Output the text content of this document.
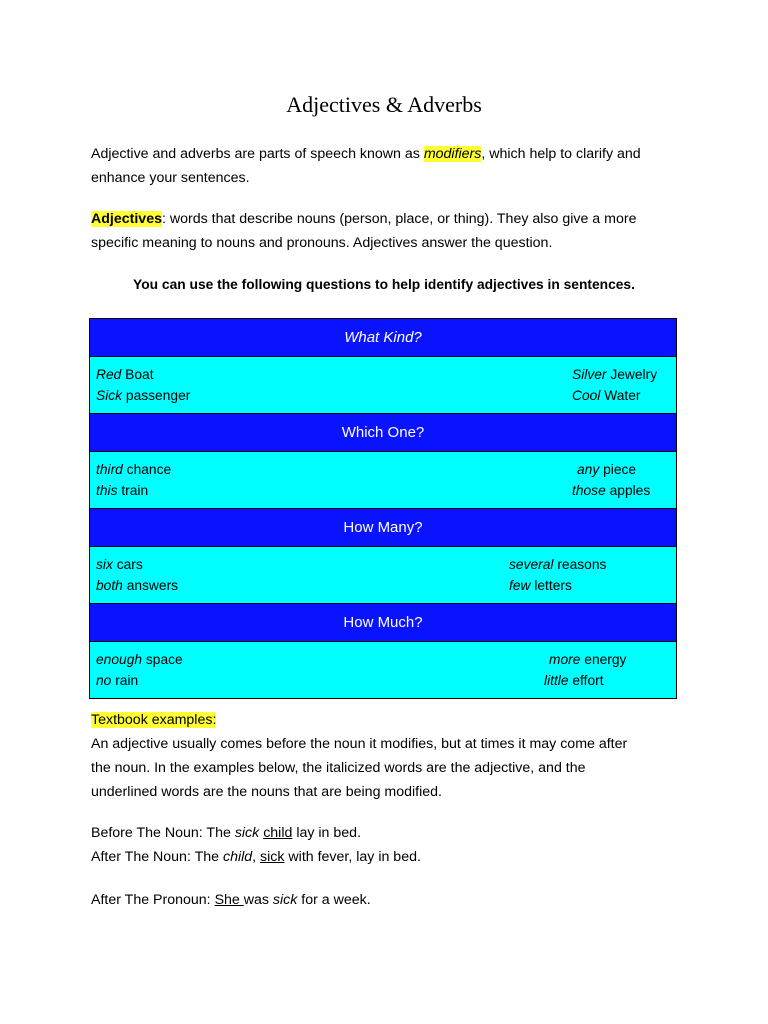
Adjectives & Adverbs
Adjective and adverbs are parts of speech known as modifiers, which help to clarify and
enhance your sentences.
Adjectives: words that describe nouns (person, place, or thing). They also give a more
specific meaning to nouns and pronouns. Adjectives answer the question.
You can use the following questions to help identify adjectives in sentences.
What Kind?
Red Boat	Silver Jewelry
Sick passenger	Cool Water
Which One?
third chance	any piece
this train	those apples
How Many?
six cars	several reasons
both answers	few letters
How Much?
enough space	more energy
no rain	little effort
Textbook examples:
An adjective usually comes before the noun it modifies, but at times it may come after
the noun. In the examples below, the italicized words are the adjective, and the
underlined words are the nouns that are being modified.
Before The Noun: The sick child lay in bed.
After The Noun: The child, sick with fever, lay in bed.
After The Pronoun: She was sick for a week.
